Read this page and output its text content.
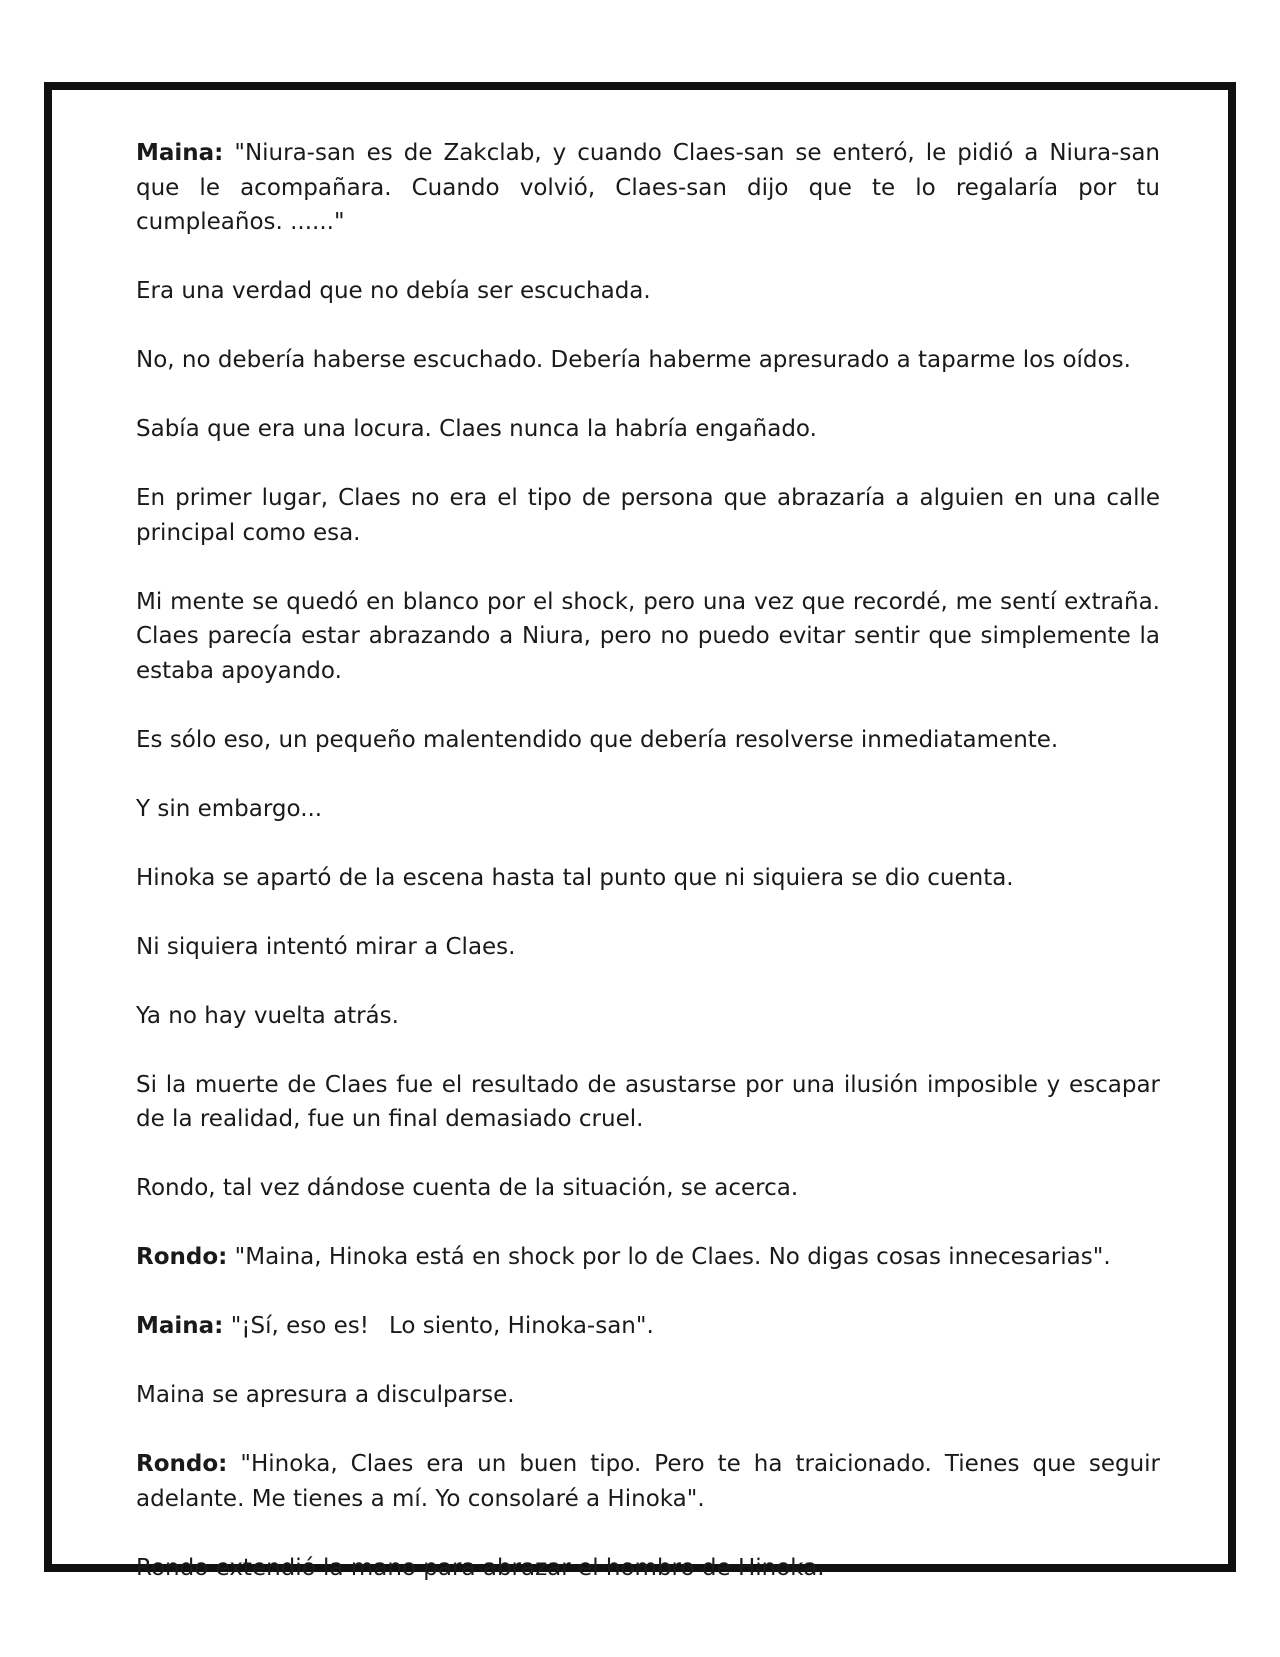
Maina: "Niura-san es de Zakclab, y cuando Claes-san se enteró, le pidió a Niura-san que le acompañara. Cuando volvió, Claes-san dijo que te lo regalaría por tu cumpleaños. ......"

Era una verdad que no debía ser escuchada.

No, no debería haberse escuchado. Debería haberme apresurado a taparme los oídos.

Sabía que era una locura. Claes nunca la habría engañado.

En primer lugar, Claes no era el tipo de persona que abrazaría a alguien en una calle principal como esa.

Mi mente se quedó en blanco por el shock, pero una vez que recordé, me sentí extraña. Claes parecía estar abrazando a Niura, pero no puedo evitar sentir que simplemente la estaba apoyando.

Es sólo eso, un pequeño malentendido que debería resolverse inmediatamente.

Y sin embargo...

Hinoka se apartó de la escena hasta tal punto que ni siquiera se dio cuenta.

Ni siquiera intentó mirar a Claes.

Ya no hay vuelta atrás.

Si la muerte de Claes fue el resultado de asustarse por una ilusión imposible y escapar de la realidad, fue un final demasiado cruel.

Rondo, tal vez dándose cuenta de la situación, se acerca.

Rondo: "Maina, Hinoka está en shock por lo de Claes. No digas cosas innecesarias".

Maina: "¡Sí, eso es! Lo siento, Hinoka-san".

Maina se apresura a disculparse.

Rondo: "Hinoka, Claes era un buen tipo. Pero te ha traicionado. Tienes que seguir adelante. Me tienes a mí. Yo consolaré a Hinoka".

Rondo extendió la mano para abrazar el hombro de Hinoka.
